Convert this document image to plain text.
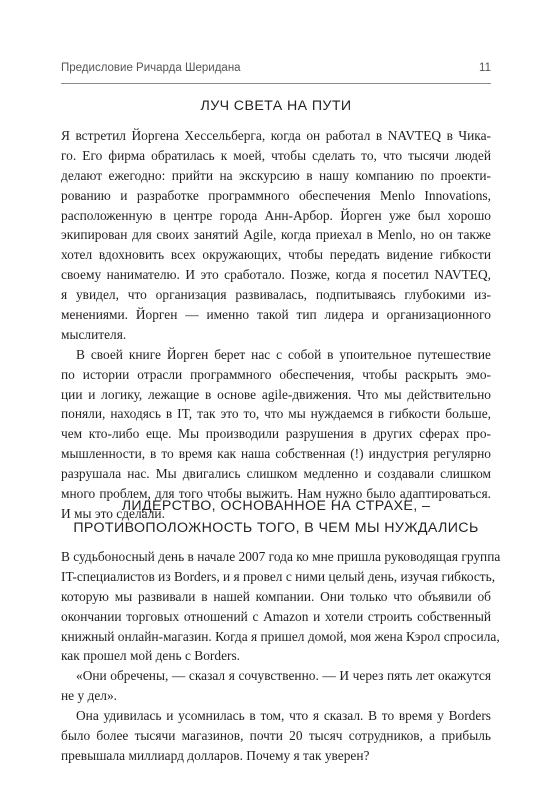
Предисловие Ричарда Шеридана	11
ЛУЧ СВЕТА НА ПУТИ
Я встретил Йоргена Хессельберга, когда он работал в NAVTEQ в Чика-
го. Его фирма обратилась к моей, чтобы сделать то, что тысячи людей
делают ежегодно: прийти на экскурсию в нашу компанию по проекти-
рованию и разработке программного обеспечения Menlo Innovations,
расположенную в центре города Анн-Арбор. Йорген уже был хорошо
экипирован для своих занятий Agile, когда приехал в Menlo, но он также
хотел вдохновить всех окружающих, чтобы передать видение гибкости
своему нанимателю. И это сработало. Позже, когда я посетил NAVTEQ,
я увидел, что организация развивалась, подпитываясь глубокими из-
менениями. Йорген — именно такой тип лидера и организационного
мыслителя.
В своей книге Йорген берет нас с собой в упоительное путешествие
по истории отрасли программного обеспечения, чтобы раскрыть эмо-
ции и логику, лежащие в основе agile-движения. Что мы действительно
поняли, находясь в IT, так это то, что мы нуждаемся в гибкости больше,
чем кто-либо еще. Мы производили разрушения в других сферах про-
мышленности, в то время как наша собственная (!) индустрия регулярно
разрушала нас. Мы двигались слишком медленно и создавали слишком
много проблем, для того чтобы выжить. Нам нужно было адаптироваться.
И мы это сделали.
ЛИДЕРСТВО, ОСНОВАННОЕ НА СТРАХЕ, –
ПРОТИВОПОЛОЖНОСТЬ ТОГО, В ЧЕМ МЫ НУЖДАЛИСЬ
В судьбоносный день в начале 2007 года ко мне пришла руководящая группа
IT-специалистов из Borders, и я провел с ними целый день, изучая гибкость,
которую мы развивали в нашей компании. Они только что объявили об
окончании торговых отношений с Amazon и хотели строить собственный
книжный онлайн-магазин. Когда я пришел домой, моя жена Кэрол спросила,
как прошел мой день с Borders.
«Они обречены, — сказал я сочувственно. — И через пять лет окажутся
не у дел».
Она удивилась и усомнилась в том, что я сказал. В то время у Borders
было более тысячи магазинов, почти 20 тысяч сотрудников, а прибыль
превышала миллиард долларов. Почему я так уверен?
